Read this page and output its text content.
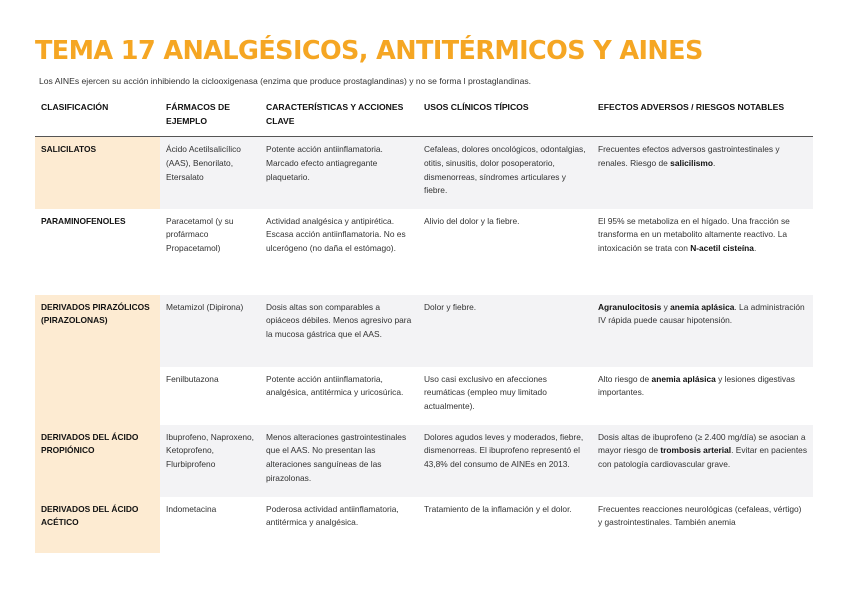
TEMA 17 ANALGÉSICOS, ANTITÉRMICOS Y AINES

Los AINEs ejercen su acción inhibiendo la ciclooxigenasa (enzima que produce prostaglandinas) y no se forma l prostaglandinas.

CLASIFICACIÓN	FÁRMACOS DE EJEMPLO	CARACTERÍSTICAS Y ACCIONES CLAVE	USOS CLÍNICOS TÍPICOS	EFECTOS ADVERSOS / RIESGOS NOTABLES
SALICILATOS	Ácido Acetilsalicílico (AAS), Benorilato, Etersalato	Potente acción antiinflamatoria. Marcado efecto antiagregante plaquetario.	Cefaleas, dolores oncológicos, odontalgias, otitis, sinusitis, dolor posoperatorio, dismenorreas, síndromes articulares y fiebre.	Frecuentes efectos adversos gastrointestinales y renales. Riesgo de salicilismo.
PARAMINOFENOLES	Paracetamol (y su profármaco Propacetamol)	Actividad analgésica y antipirética. Escasa acción antiinflamatoria. No es ulcerógeno (no daña el estómago).	Alivio del dolor y la fiebre.	El 95% se metaboliza en el hígado. Una fracción se transforma en un metabolito altamente reactivo. La intoxicación se trata con N-acetil cisteína.
DERIVADOS PIRAZÓLICOS (PIRAZOLONAS)	Metamizol (Dipirona)	Dosis altas son comparables a opiáceos débiles. Menos agresivo para la mucosa gástrica que el AAS.	Dolor y fiebre.	Agranulocitosis y anemia aplásica. La administración IV rápida puede causar hipotensión.
	Fenilbutazona	Potente acción antiinflamatoria, analgésica, antitérmica y uricosúrica.	Uso casi exclusivo en afecciones reumáticas (empleo muy limitado actualmente).	Alto riesgo de anemia aplásica y lesiones digestivas importantes.
DERIVADOS DEL ÁCIDO PROPIÓNICO	Ibuprofeno, Naproxeno, Ketoprofeno, Flurbiprofeno	Menos alteraciones gastrointestinales que el AAS. No presentan las alteraciones sanguíneas de las pirazolonas.	Dolores agudos leves y moderados, fiebre, dismenorreas. El ibuprofeno representó el 43,8% del consumo de AINEs en 2013.	Dosis altas de ibuprofeno (≥ 2.400 mg/día) se asocian a mayor riesgo de trombosis arterial. Evitar en pacientes con patología cardiovascular grave.
DERIVADOS DEL ÁCIDO ACÉTICO	Indometacina	Poderosa actividad antiinflamatoria, antitérmica y analgésica.	Tratamiento de la inflamación y el dolor.	Frecuentes reacciones neurológicas (cefaleas, vértigo) y gastrointestinales. También anemia
